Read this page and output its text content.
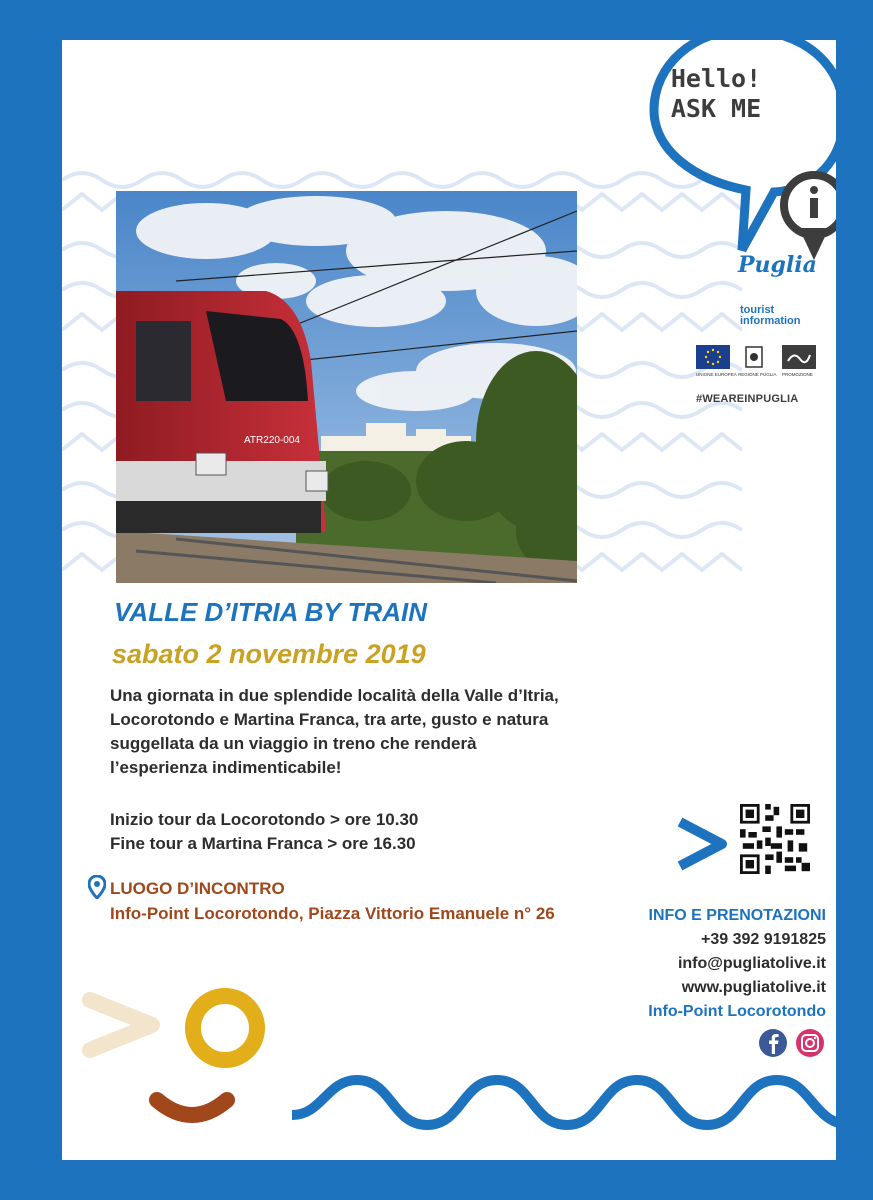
ATR220-004
Hello!
ASK ME
Puglia
tourist
information
UNIONE EUROPEA REGIONE PUGLIA PROMOZIONE
#WEAREINPUGLIA
VALLE D’ITRIA BY TRAIN
sabato 2 novembre 2019
Una giornata in due splendide località della Valle d’Itria,
Locorotondo e Martina Franca, tra arte, gusto e natura
suggellata da un viaggio in treno che renderà
l’esperienza indimenticabile!
Inizio tour da Locorotondo > ore 10.30
Fine tour a Martina Franca > ore 16.30
LUOGO D’INCONTRO
Info-Point Locorotondo, Piazza Vittorio Emanuele n° 26	INFO E PRENOTAZIONI
+39 392 9191825
info@pugliatolive.it
www.pugliatolive.it
Info-Point Locorotondo
